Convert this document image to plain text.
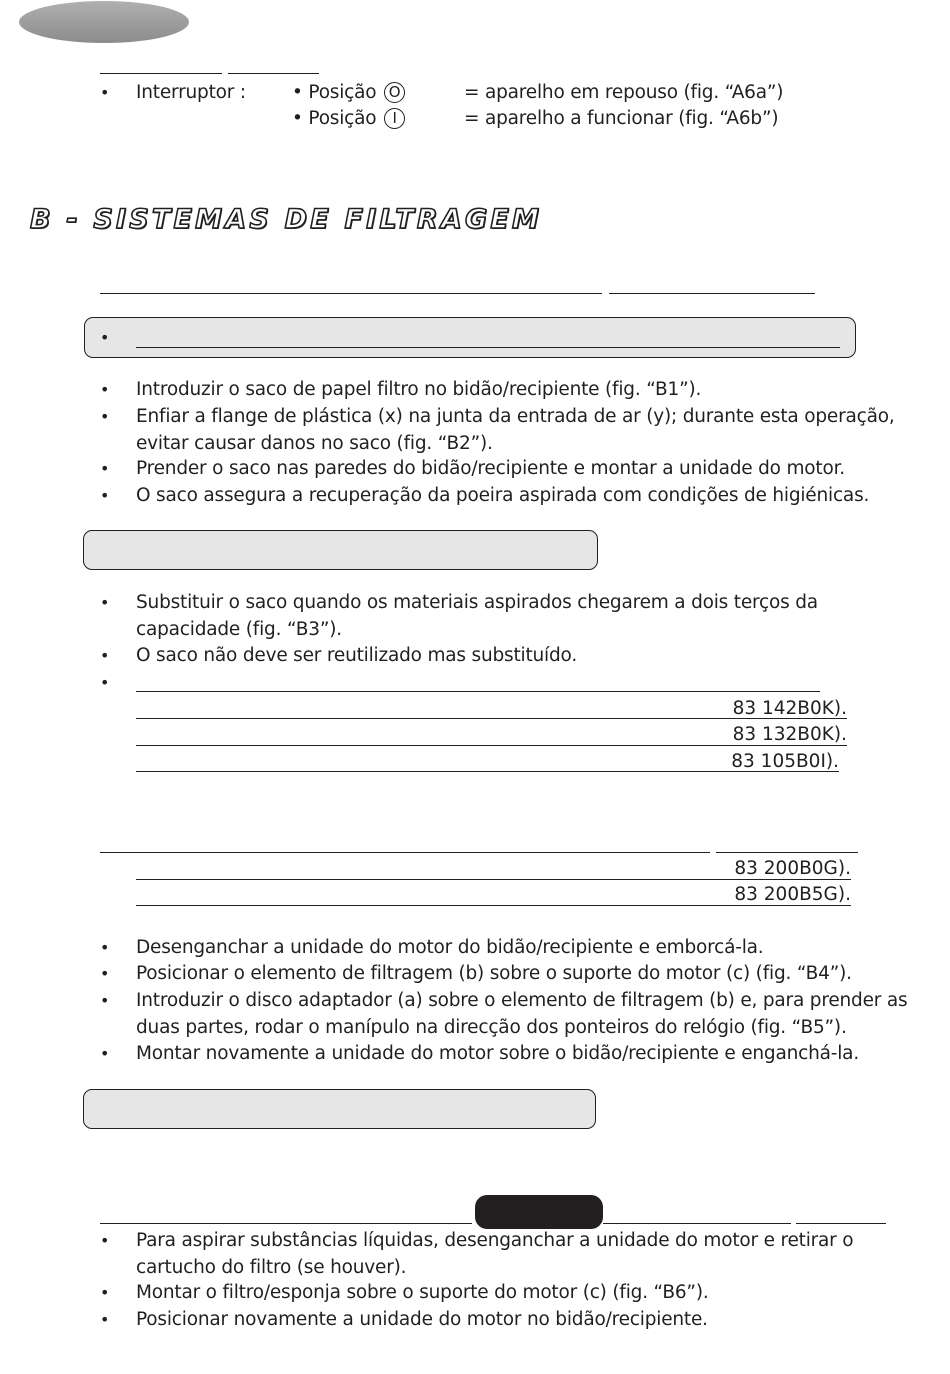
• Interruptor : • Posição O	= aparelho em repouso (fig. “A6a”)
• Posição I	= aparelho a funcionar (fig. “A6b”)
B - SISTEMAS DE FILTRAGEM
•
• Introduzir o saco de papel filtro no bidão/recipiente (fig. “B1”).
• Enfiar a flange de plástica (x) na junta da entrada de ar (y); durante esta operação, evitar causar danos no saco (fig. “B2”).
• Prender o saco nas paredes do bidão/recipiente e montar a unidade do motor.
• O saco assegura a recuperação da poeira aspirada com condições de higiénicas.
• Substituir o saco quando os materiais aspirados chegarem a dois terços da capacidade (fig. “B3”).
• O saco não deve ser reutilizado mas substituído.
•
83 142B0K).
83 132B0K).
83 105B0I).
83 200B0G).
83 200B5G).
• Desenganchar a unidade do motor do bidão/recipiente e emborcá-la.
• Posicionar o elemento de filtragem (b) sobre o suporte do motor (c) (fig. “B4”).
• Introduzir o disco adaptador (a) sobre o elemento de filtragem (b) e, para prender as duas partes, rodar o manípulo na direcção dos ponteiros do relógio (fig. “B5”).
• Montar novamente a unidade do motor sobre o bidão/recipiente e enganchá-la.
• Para aspirar substâncias líquidas, desenganchar a unidade do motor e retirar o cartucho do filtro (se houver).
• Montar o filtro/esponja sobre o suporte do motor (c) (fig. “B6”).
• Posicionar novamente a unidade do motor no bidão/recipiente.
